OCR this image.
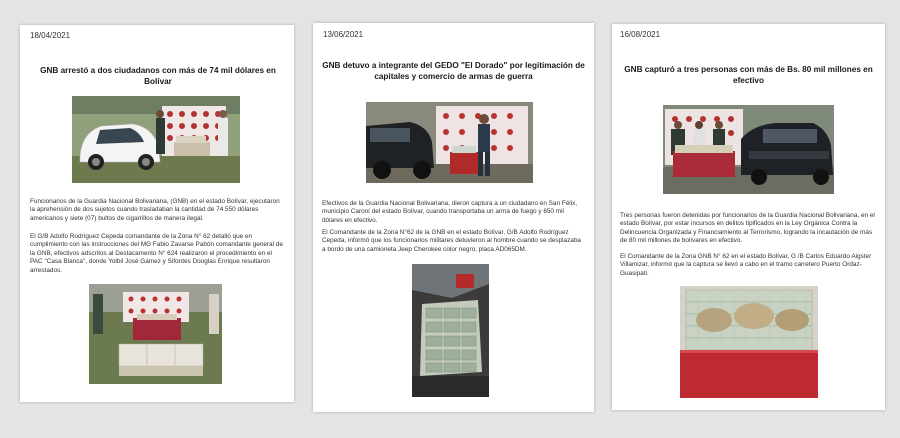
18/04/2021
GNB arrestó a dos ciudadanos con más de 74 mil dólares en Bolívar

Funcionarios de la Guardia Nacional Bolivariana, (GNB) en el estado Bolívar, ejecutaron la aprehensión de dos sujetos cuando trasladaban la cantidad de 74.550 dólares americanos y siete (07) bultos de cigarrillos de manera ilegal.

El G/B Adolfo Rodríguez Cepeda comandante de la Zona N° 62 detalló que en cumplimiento con las instrucciones del MG Fabio Zavarse Pabón comandante general de la GNB, efectivos adscritos al Destacamento N° 624 realizaron el procedimiento en el PAC "Casa Blanca", donde Yolbil José Gámez y Sifontes Douglas Enrique resultaron arrestados.

13/06/2021
GNB detuvo a integrante del GEDO "El Dorado" por legitimación de capitales y comercio de armas de guerra

Efectivos de la Guardia Nacional Bolivariana, dieron captura a un ciudadano en San Félix, municipio Caroní del estado Bolívar, cuando transportaba un arma de fuego y 650 mil dólares en efectivo.

El Comandante de la Zona N°62 de la GNB en el estado Bolívar, G/B Adolfo Rodríguez Cepeda, informó que los funcionarios militares detuvieron al hombre cuando se desplazaba a bordo de una camioneta Jeep Cherokee color negro, placa AD065DM.

16/08/2021
GNB capturó a tres personas con más de Bs. 80 mil millones en efectivo

Tres personas fueron detenidas por funcionarios de la Guardia Nacional Bolivariana, en el estado Bolívar, por estar incursos en delitos tipificados en la Ley Orgánica Contra la Delincuencia Organizada y Financiamiento al Terrorismo, logrando la incautación de más de 80 mil millones de bolívares en efectivo.

El Comandante de la Zona GNB N° 62 en el estado Bolívar, G /B Carlos Eduardo Aigster Villamizar, informó que la captura se llevó a cabo en el tramo carretero Puerto Ordaz-Guasipati.
